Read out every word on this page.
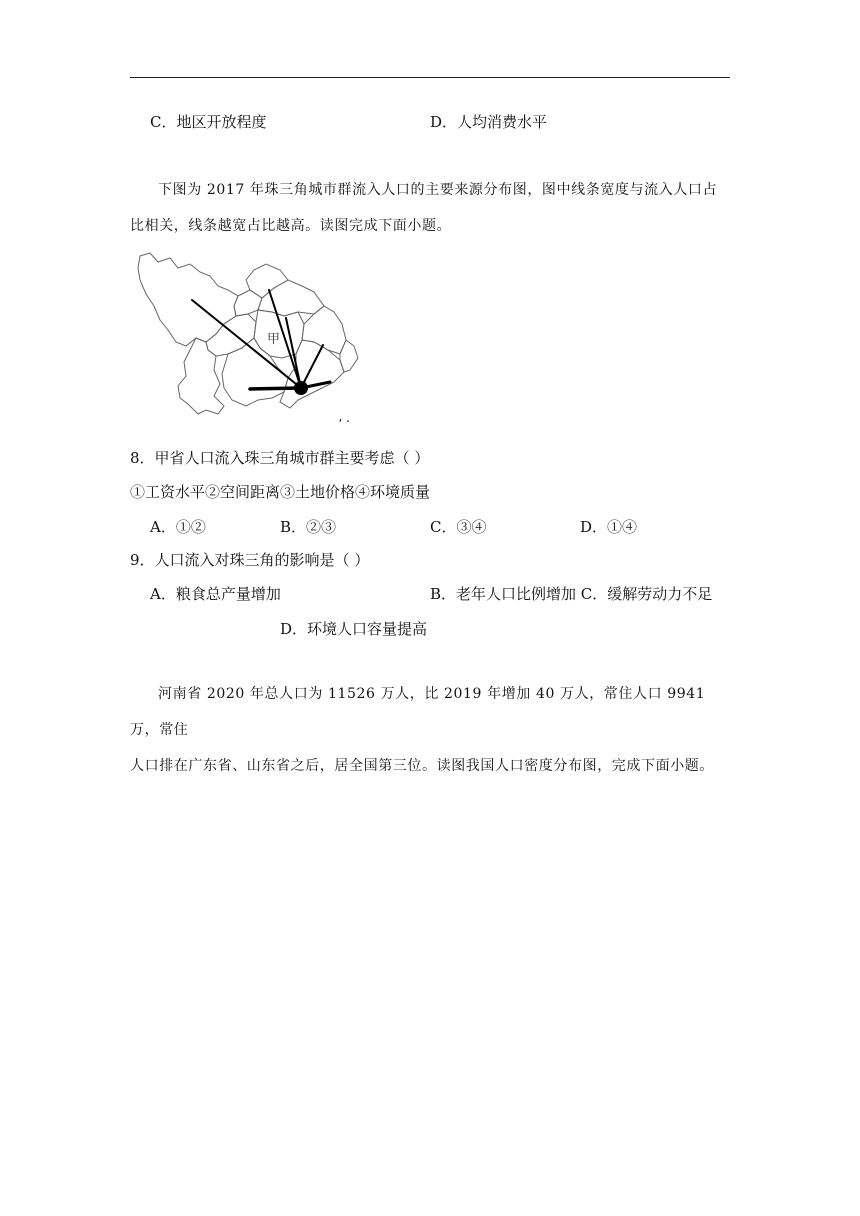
C．地区开放程度	D．人均消费水平

下图为 2017 年珠三角城市群流入人口的主要来源分布图，图中线条宽度与流入人口占

比相关，线条越宽占比越高。读图完成下面小题。

甲
⸴ .
8．甲省人口流入珠三角城市群主要考虑（ ）
①工资水平②空间距离③土地价格④环境质量
A．①②	B．②③	C．③④	D．①④
9．人口流入对珠三角的影响是（ ）
A．粮食总产量增加	B．老年人口比例增加 C．缓解劳动力不足
D．环境人口容量提高

河南省 2020 年总人口为 11526 万人，比 2019 年增加 40 万人，常住人口 9941 万，常住

人口排在广东省、山东省之后，居全国第三位。读图我国人口密度分布图，完成下面小题。
